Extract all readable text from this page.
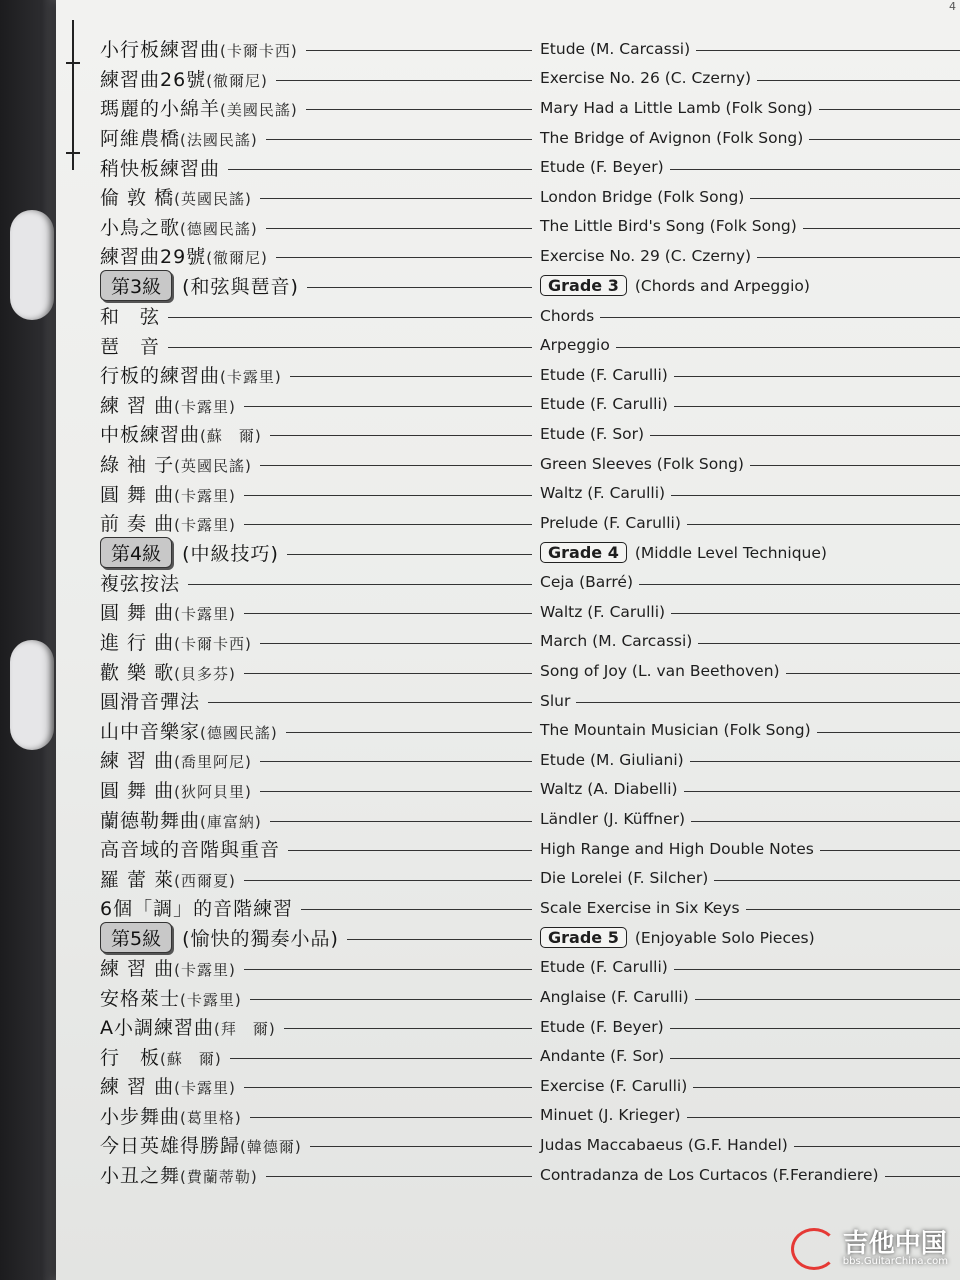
4
小行板練習曲(卡爾卡西)	Etude (M. Carcassi)
練習曲26號(徹爾尼)	Exercise No. 26 (C. Czerny)
瑪麗的小綿羊(美國民謠)	Mary Had a Little Lamb (Folk Song)
阿維農橋(法國民謠)	The Bridge of Avignon (Folk Song)
稍快板練習曲	Etude (F. Beyer)
倫 敦 橋(英國民謠)	London Bridge (Folk Song)
小鳥之歌(德國民謠)	The Little Bird's Song (Folk Song)
練習曲29號(徹爾尼)	Exercise No. 29 (C. Czerny)
第3級	(和弦與琶音)	Grade 3	(Chords and Arpeggio)
和　弦	Chords
琶　音	Arpeggio
行板的練習曲(卡露里)	Etude (F. Carulli)
練 習 曲(卡露里)	Etude (F. Carulli)
中板練習曲(蘇　爾)	Etude (F. Sor)
綠 袖 子(英國民謠)	Green Sleeves (Folk Song)
圓 舞 曲(卡露里)	Waltz (F. Carulli)
前 奏 曲(卡露里)	Prelude (F. Carulli)
第4級	(中級技巧)	Grade 4	(Middle Level Technique)
複弦按法	Ceja (Barré)
圓 舞 曲(卡露里)	Waltz (F. Carulli)
進 行 曲(卡爾卡西)	March (M. Carcassi)
歡 樂 歌(貝多芬)	Song of Joy (L. van Beethoven)
圓滑音彈法	Slur
山中音樂家(德國民謠)	The Mountain Musician (Folk Song)
練 習 曲(喬里阿尼)	Etude (M. Giuliani)
圓 舞 曲(狄阿貝里)	Waltz (A. Diabelli)
蘭德勒舞曲(庫富納)	Ländler (J. Küffner)
高音域的音階與重音	High Range and High Double Notes
羅 蕾 萊(西爾夏)	Die Lorelei (F. Silcher)
6個「調」的音階練習	Scale Exercise in Six Keys
第5級	(愉快的獨奏小品)	Grade 5	(Enjoyable Solo Pieces)
練 習 曲(卡露里)	Etude (F. Carulli)
安格萊士(卡露里)	Anglaise (F. Carulli)
A小調練習曲(拜　爾)	Etude (F. Beyer)
行　板(蘇　爾)	Andante (F. Sor)
練 習 曲(卡露里)	Exercise (F. Carulli)
小步舞曲(葛里格)	Minuet (J. Krieger)
今日英雄得勝歸(韓德爾)	Judas Maccabaeus (G.F. Handel)
小丑之舞(費蘭蒂勒)	Contradanza de Los Curtacos (F.Ferandiere)
吉他中国
bbs.GuitarChina.com
